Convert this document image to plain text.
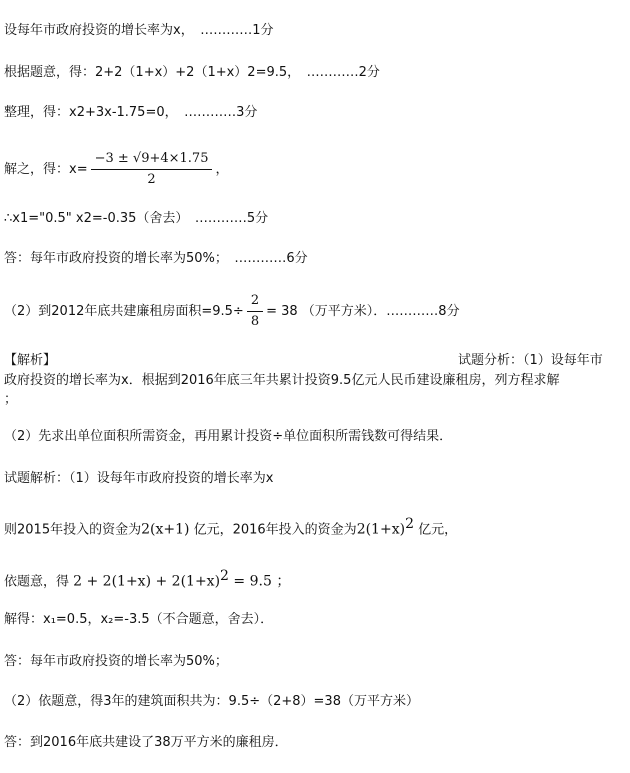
设每年市政府投资的增长率为x，　…………1分
根据题意，得：2+2（1+x）+2（1+x）2=9.5，　…………2分
整理，得：x2+3x-1.75=0，　…………3分
解之，得：$x= \frac{-3 \pm √9+4\times 1.75}{2}$ ，
∴x1="0.5" x2=-0.35（舍去）　…………5分
答：每年市政府投资的增长率为50%；　…………6分
（2）到2012年底共建廉租房面积$=9.5\div \frac{2}{8} = 38$ （万平方米）．…………8分
【解析】	试题分析：（1）设每年市
政府投资的增长率为x．根据到2016年底三年共累计投资9.5亿元人民币建设廉租房，列方程求解
；
（2）先求出单位面积所需资金，再用累计投资÷单位面积所需钱数可得结果．
试题解析：（1）设每年市政府投资的增长率为x
则2015年投入的资金为2(x+1) 亿元，2016年投入的资金为$2(1+x)^2$ 亿元，
依题意，得 $2 + 2(1+x) + 2(1+x)^2 = 9.5$ ；
解得：x₁=0.5，x₂=-3.5（不合题意，舍去）．
答：每年市政府投资的增长率为50%；
（2）依题意，得3年的建筑面积共为：9.5÷（2+8）=38（万平方米）
答：到2016年底共建设了38万平方米的廉租房．
